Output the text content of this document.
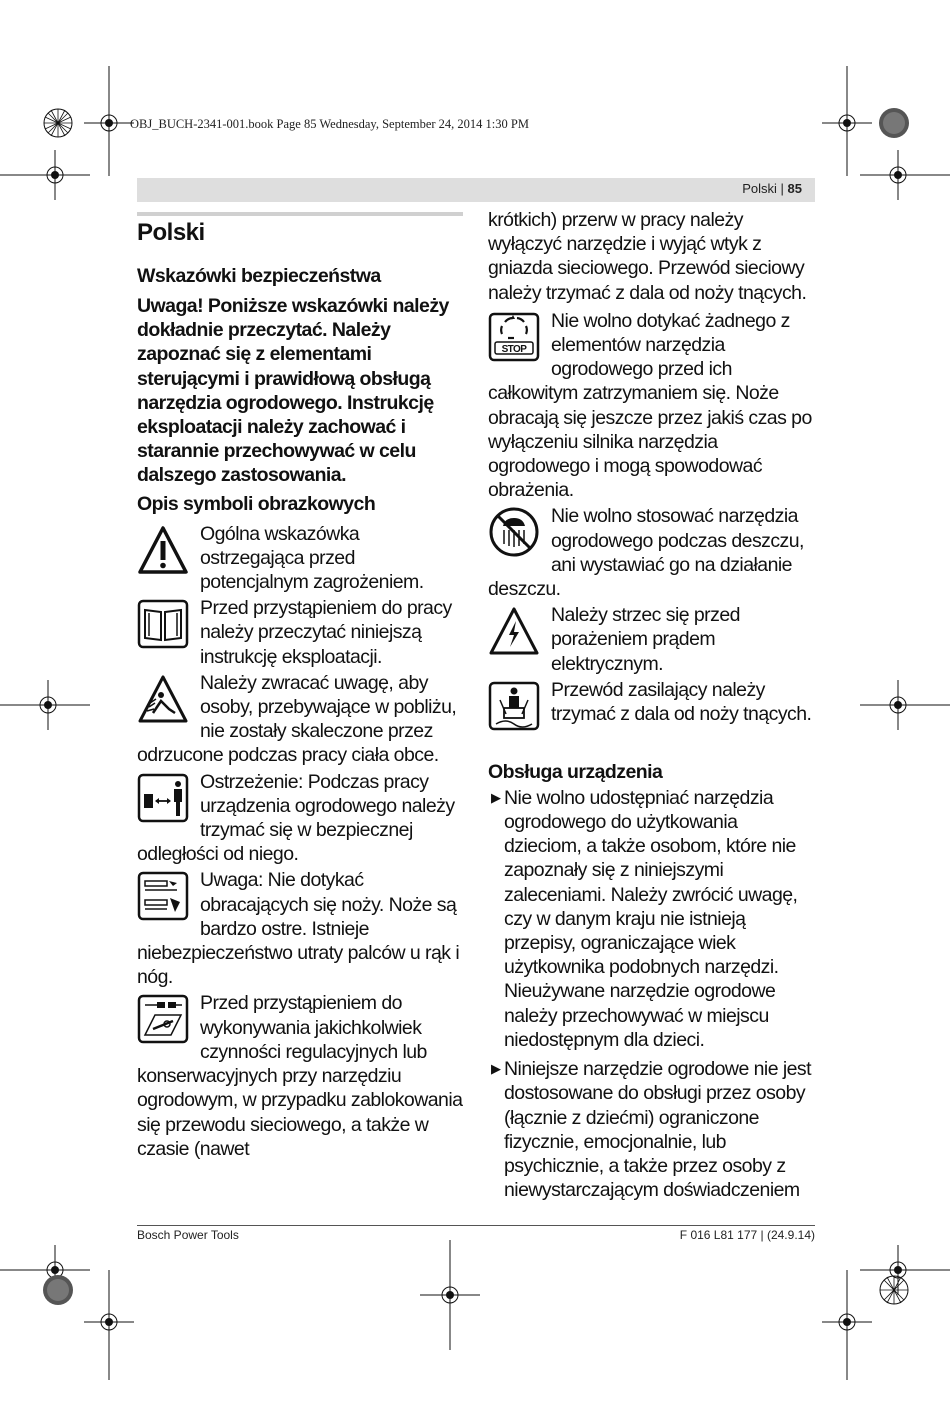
OBJ_BUCH-2341-001.book Page 85 Wednesday, September 24, 2014 1:30 PM
Polski | 85
Polski
Wskazówki bezpieczeństwa
Uwaga! Poniższe wskazówki należy dokładnie przeczytać. Należy zapoznać się z elementami sterującymi i prawidłową obsługą narzędzia ogrodowego. Instrukcję eksploatacji należy zachować i starannie przechowywać w celu dalszego zastosowania.
Opis symboli obrazkowych
Ogólna wskazówka ostrzegająca przed potencjalnym zagrożeniem.
Przed przystąpieniem do pracy należy przeczytać niniejszą instrukcję eksploatacji.
Należy zwracać uwagę, aby osoby, przebywające w pobliżu, nie zostały skaleczone przez odrzucone podczas pracy ciała obce.
Ostrzeżenie: Podczas pracy urządzenia ogrodowego należy trzymać się w bezpiecznej odległości od niego.
Uwaga: Nie dotykać obracających się noży. Noże są bardzo ostre. Istnieje niebezpieczeństwo utraty palców u rąk i nóg.
Przed przystąpieniem do wykonywania jakichkolwiek czynności regulacyjnych lub konserwacyjnych przy narzędziu ogrodowym, w przypadku zablokowania się przewodu sieciowego, a także w czasie (nawet
krótkich) przerw w pracy należy wyłączyć narzędzie i wyjąć wtyk z gniazda sieciowego. Przewód sieciowy należy trzymać z dala od noży tnących.
STOP
Nie wolno dotykać żadnego z elementów narzędzia ogrodowego przed ich całkowitym zatrzymaniem się. Noże obracają się jeszcze przez jakiś czas po wyłączeniu silnika narzędzia ogrodowego i mogą spowodować obrażenia.
Nie wolno stosować narzędzia ogrodowego podczas deszczu, ani wystawiać go na działanie deszczu.
Należy strzec się przed porażeniem prądem elektrycznym.
Przewód zasilający należy trzymać z dala od noży tnących.
Obsługa urządzenia
▶ Nie wolno udostępniać narzędzia ogrodowego do użytkowania dzieciom, a także osobom, które nie zapoznały się z niniejszymi zaleceniami. Należy zwrócić uwagę, czy w danym kraju nie istnieją przepisy, ograniczające wiek użytkownika podobnych narzędzi. Nieużywane narzędzie ogrodowe należy przechowywać w miejscu niedostępnym dla dzieci.
▶ Niniejsze narzędzie ogrodowe nie jest dostosowane do obsługi przez osoby (łącznie z dziećmi) ograniczone fizycznie, emocjonalnie, lub psychicznie, a także przez osoby z niewystarczającym doświadczeniem
Bosch Power Tools	F 016 L81 177 | (24.9.14)
